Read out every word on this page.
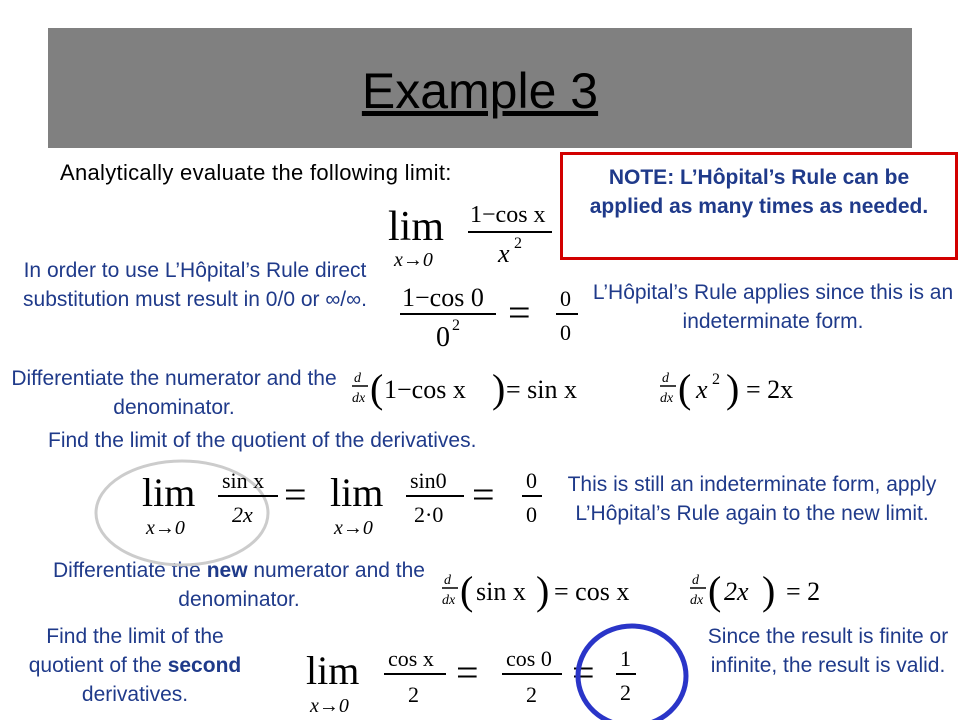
Example 3
Analytically evaluate the following limit:	NOTE: L’Hôpital’s Rule can be applied as many times as needed.
In order to use L’Hôpital’s Rule direct substitution must result in 0/0 or ∞/∞.	L’Hôpital’s Rule applies since this is an indeterminate form.
Differentiate the numerator and the denominator.
Find the limit of the quotient of the derivatives.
This is still an indeterminate form, apply L’Hôpital’s Rule again to the new limit.
Differentiate the new numerator and the denominator.
Find the limit of the quotient of the second derivatives.
Since the result is finite or infinite, the result is valid.
lim
x→0
1−cos x
x 2
1−cos 0
0 2 = 0
0
d
dx ( 1−cos x ) = sin x	d
dx ( x 2 ) = 2x
lim
x→0
sin x
2x = lim
x→0
sin0
2·0 = 0
0
d
dx ( sin x ) = cos x	d
dx ( 2x ) = 2
lim
x→0
cos x
2 = cos 0
2 = 1
2
